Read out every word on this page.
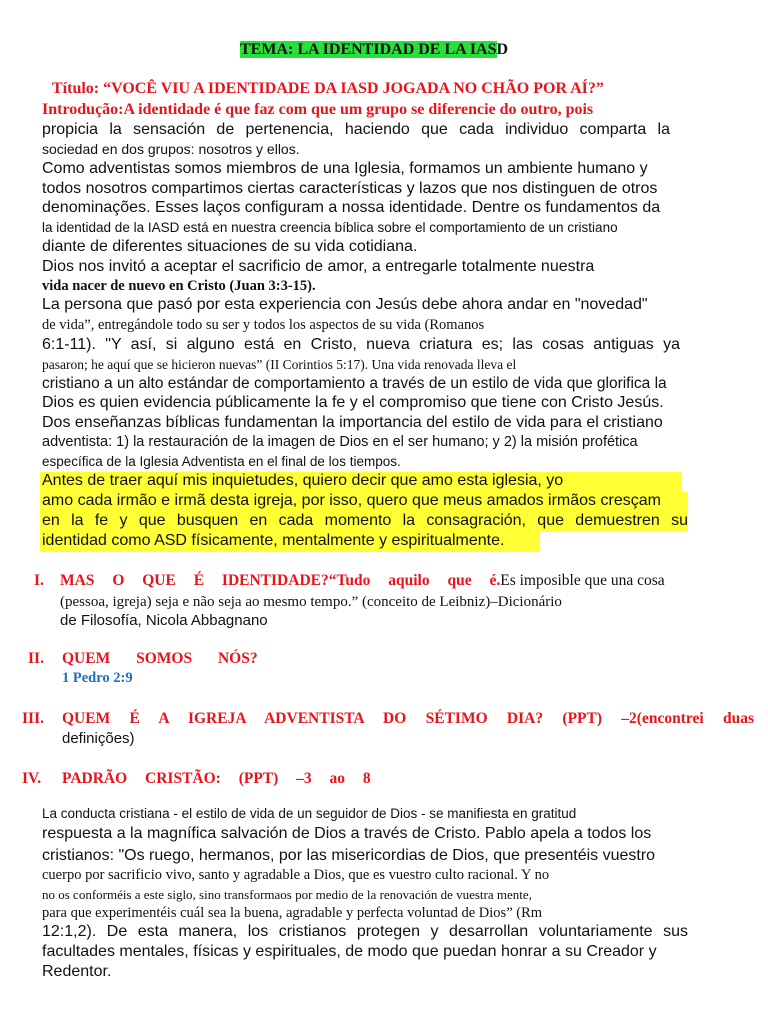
TEMA: LA IDENTIDAD DE LA IASD
Título: “VOCÊ VIU A IDENTIDADE DA IASD JOGADA NO CHÃO POR AÍ?”
Introdução:A identidade é que faz com que um grupo se diferencie do outro, pois
propicia la sensación de pertenencia, haciendo que cada individuo comparta la
sociedad en dos grupos: nosotros y ellos.
Como adventistas somos miembros de una Iglesia, formamos un ambiente humano y
todos nosotros compartimos ciertas características y lazos que nos distinguen de otros
denominações. Esses laços configuram a nossa identidade. Dentre os fundamentos da
la identidad de la IASD está en nuestra creencia bíblica sobre el comportamiento de un cristiano
diante de diferentes situaciones de su vida cotidiana.
Dios nos invitó a aceptar el sacrificio de amor, a entregarle totalmente nuestra
vida nacer de nuevo en Cristo (Juan 3:3-15).
La persona que pasó por esta experiencia con Jesús debe ahora andar en "novedad"
de vida”, entregándole todo su ser y todos los aspectos de su vida (Romanos
6:1-11). "Y así, si alguno está en Cristo, nueva criatura es; las cosas antiguas ya
pasaron; he aquí que se hicieron nuevas” (II Corintios 5:17). Una vida renovada lleva el
cristiano a un alto estándar de comportamiento a través de un estilo de vida que glorifica la
Dios es quien evidencia públicamente la fe y el compromiso que tiene con Cristo Jesús.
Dos enseñanzas bíblicas fundamentan la importancia del estilo de vida para el cristiano
adventista: 1) la restauración de la imagen de Dios en el ser humano; y 2) la misión profética
específica de la Iglesia Adventista en el final de los tiempos.
Antes de traer aquí mis inquietudes, quiero decir que amo esta iglesia, yo
amo cada irmão e irmã desta igreja, por isso, quero que meus amados irmãos cresçam
en la fe y que busquen en cada momento la consagración, que demuestren su
identidad como ASD físicamente, mentalmente y espiritualmente.
I. MAS O QUE É IDENTIDADE?“Tudo aquilo que é.Es imposible que una cosa
(pessoa, igreja) seja e não seja ao mesmo tempo.” (conceito de Leibniz)–Dicionário
de Filosofía, Nicola Abbagnano
II. QUEM SOMOS NÓS?
1 Pedro 2:9
III. QUEM É A IGREJA ADVENTISTA DO SÉTIMO DIA? (PPT) –2(encontrei duas
definições)
IV. PADRÃO CRISTÃO: (PPT) –3 ao 8
La conducta cristiana - el estilo de vida de un seguidor de Dios - se manifiesta en gratitud
respuesta a la magnífica salvación de Dios a través de Cristo. Pablo apela a todos los
cristianos: "Os ruego, hermanos, por las misericordias de Dios, que presentéis vuestro
cuerpo por sacrificio vivo, santo y agradable a Dios, que es vuestro culto racional. Y no
no os conforméis a este siglo, sino transformaos por medio de la renovación de vuestra mente,
para que experimentéis cuál sea la buena, agradable y perfecta voluntad de Dios” (Rm
12:1,2). De esta manera, los cristianos protegen y desarrollan voluntariamente sus
facultades mentales, físicas y espirituales, de modo que puedan honrar a su Creador y
Redentor.
